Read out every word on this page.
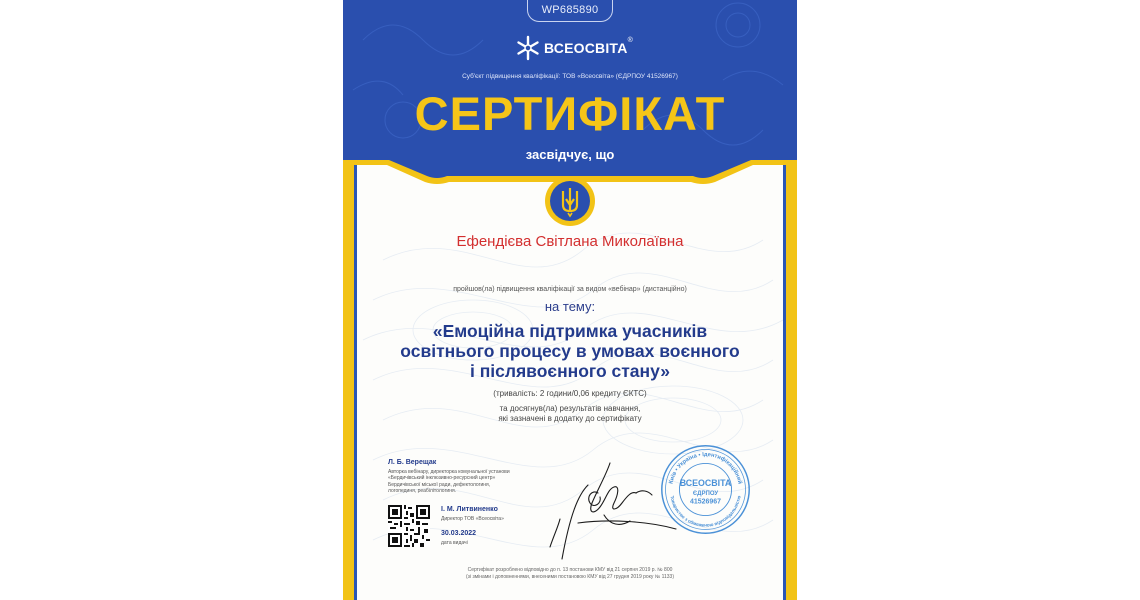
WP685890
ВСЕОСВІТА ®
Суб'єкт підвищення кваліфікації: ТОВ «Всеосвіта» (ЄДРПОУ 41526967)
СЕРТИФІКАТ
засвідчує, що
Ефендієва Світлана Миколаївна
пройшов(ла) підвищення кваліфікації за видом «вебінар» (дистанційно)
на тему:
«Емоційна підтримка учасників
освітнього процесу в умовах воєнного
і післявоєнного стану»
(тривалість: 2 години/0,06 кредиту ЄКТС)
та досягнув(ла) результатів навчання,
які зазначені в додатку до сертифікату
Л. Б. Верещак
Авторка вебінару, директорка комунальної установи
«Бердичівський інклюзивно-ресурсний центр»
Бердичівської міської ради, дефектологиня,
логопединя, реабілітологиня.
І. М. Литвиненко
Директор ТОВ «Всеосвіта»
30.03.2022
дата видачі
Київ • Україна • Ідентифікаційний
Товариство з обмеженою відповідальністю
ВСЕОСВІТА
ЄДРПОУ
41526967
Сертифікат розроблено відповідно до п. 13 постанови КМУ від 21 серпня 2019 р. № 800
(зі змінами і доповненнями, внесеними постановою КМУ від 27 грудня 2019 року № 1133)
